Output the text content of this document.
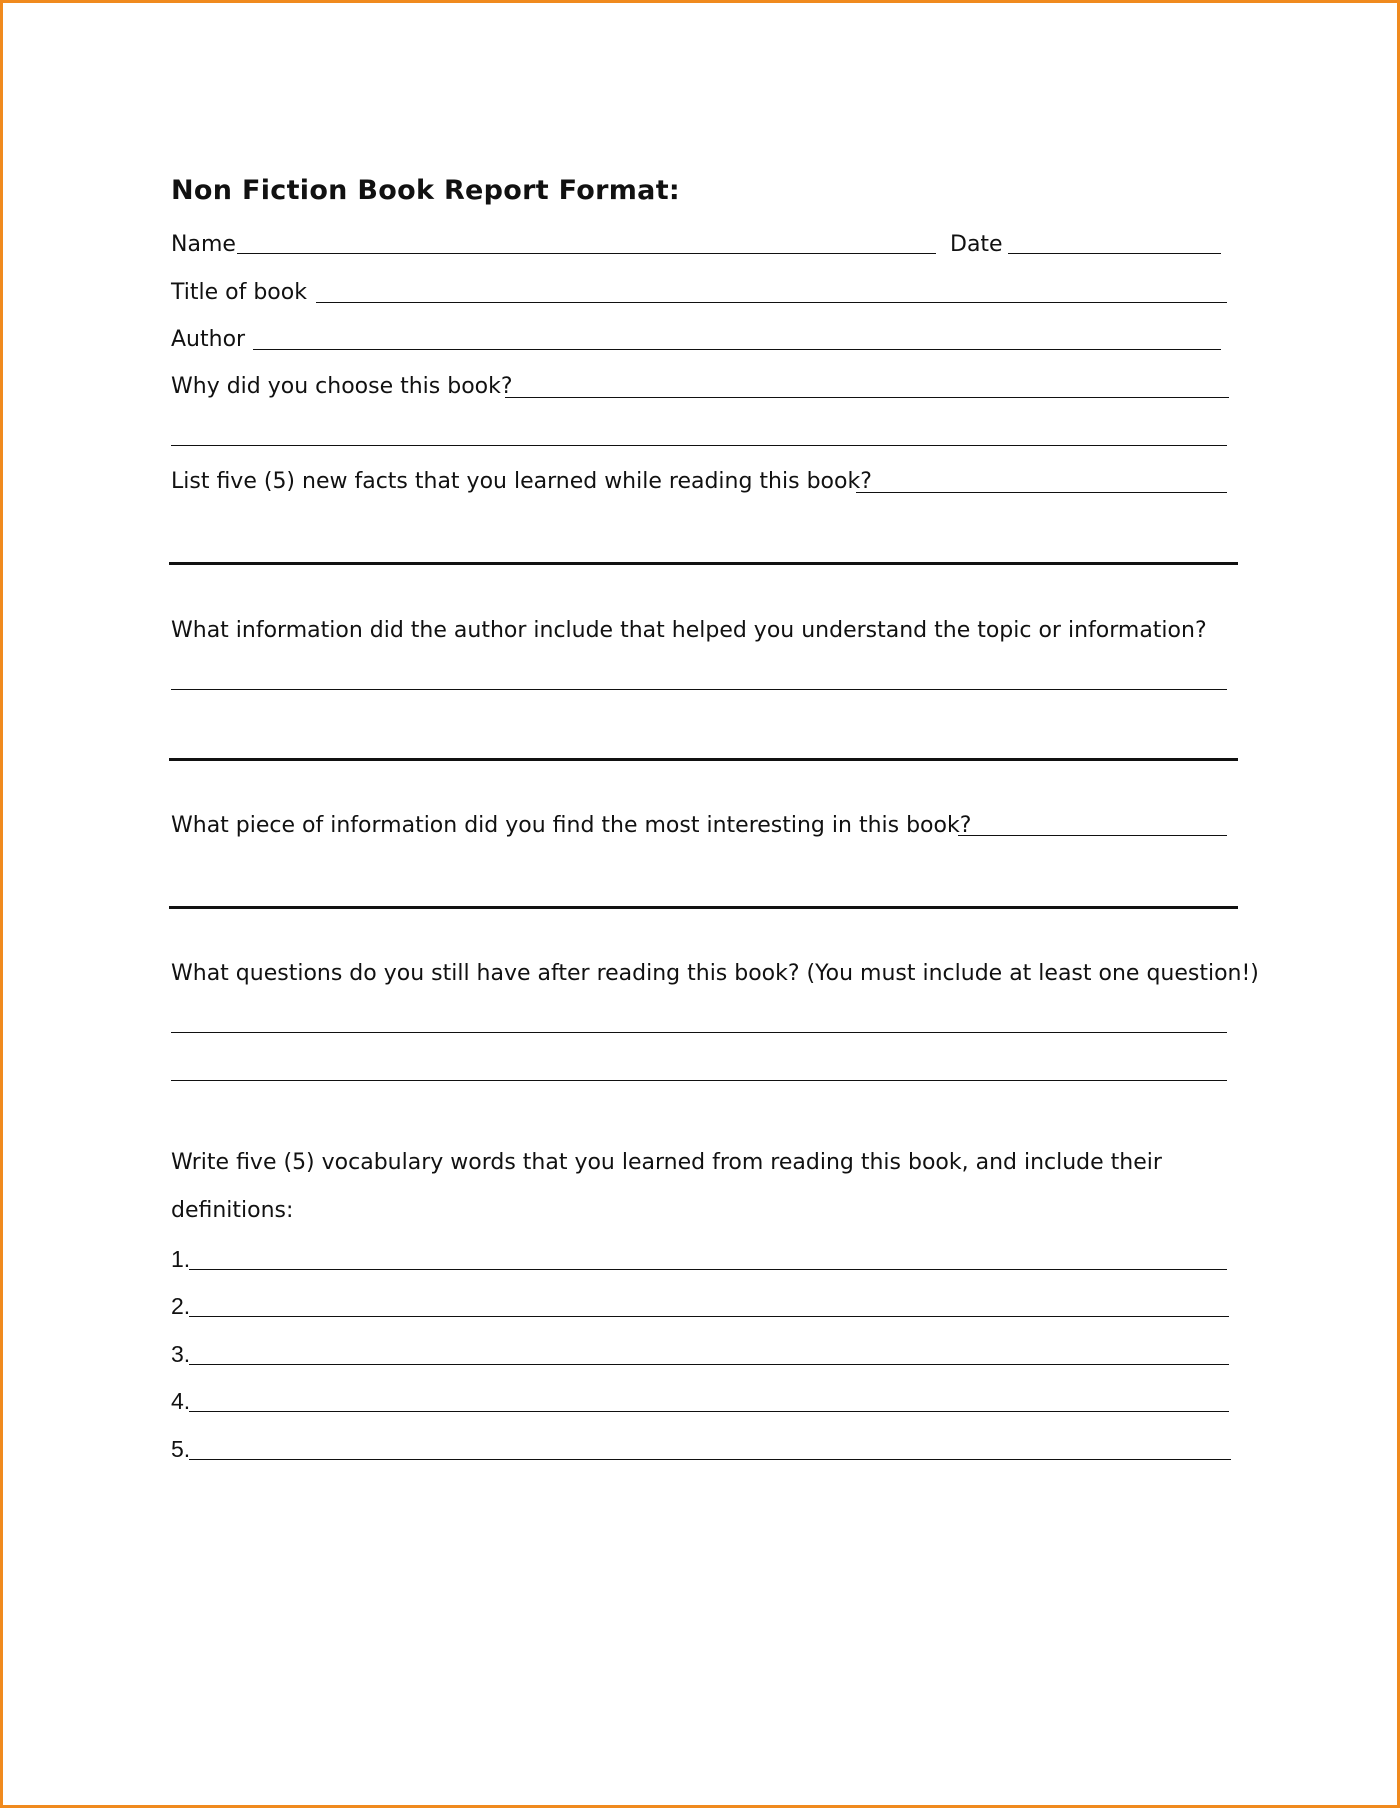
Non Fiction Book Report Format:
Name	Date
Title of book
Author
Why did you choose this book?
List five (5) new facts that you learned while reading this book?
What information did the author include that helped you understand the topic or information?
What piece of information did you find the most interesting in this book?
What questions do you still have after reading this book? (You must include at least one question!)
Write five (5) vocabulary words that you learned from reading this book, and include their
definitions:
1.
2.
3.
4.
5.
